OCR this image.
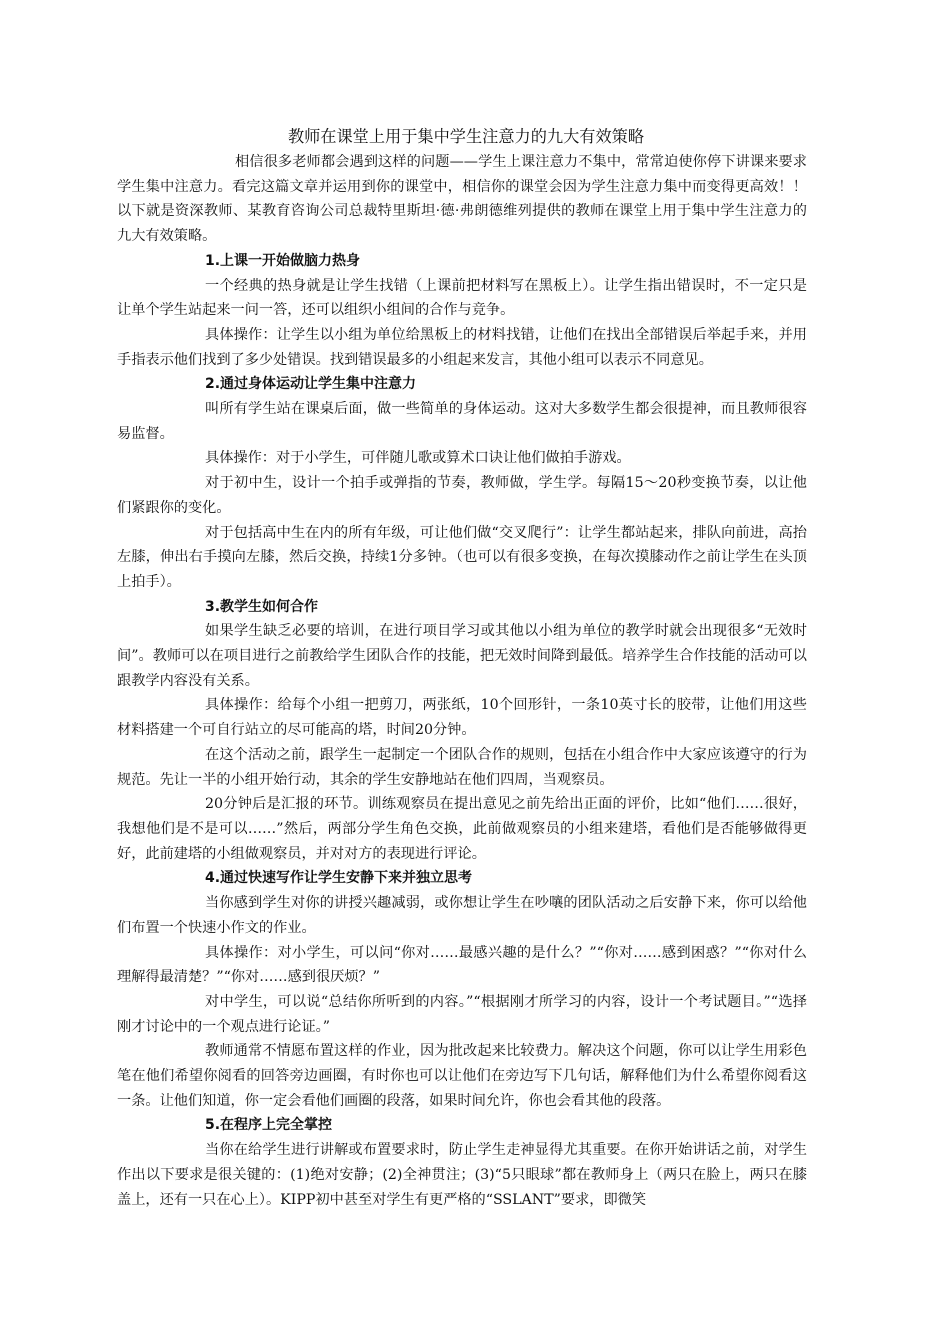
教师在课堂上用于集中学生注意力的九大有效策略

相信很多老师都会遇到这样的问题——学生上课注意力不集中，常常迫使你停下讲课来要求学生集中注意力。看完这篇文章并运用到你的课堂中，相信你的课堂会因为学生注意力集中而变得更高效！！以下就是资深教师、某教育咨询公司总裁特里斯坦·德·弗朗德维列提供的教师在课堂上用于集中学生注意力的九大有效策略。

1.上课一开始做脑力热身

一个经典的热身就是让学生找错（上课前把材料写在黑板上）。让学生指出错误时，不一定只是让单个学生站起来一问一答，还可以组织小组间的合作与竞争。

具体操作：让学生以小组为单位给黑板上的材料找错，让他们在找出全部错误后举起手来，并用手指表示他们找到了多少处错误。找到错误最多的小组起来发言，其他小组可以表示不同意见。

2.通过身体运动让学生集中注意力

叫所有学生站在课桌后面，做一些简单的身体运动。这对大多数学生都会很提神，而且教师很容易监督。

具体操作：对于小学生，可伴随儿歌或算术口诀让他们做拍手游戏。

对于初中生，设计一个拍手或弹指的节奏，教师做，学生学。每隔15～20秒变换节奏，以让他们紧跟你的变化。

对于包括高中生在内的所有年级，可让他们做“交叉爬行”：让学生都站起来，排队向前进，高抬左膝，伸出右手摸向左膝，然后交换，持续1分多钟。（也可以有很多变换，在每次摸膝动作之前让学生在头顶上拍手）。

3.教学生如何合作

如果学生缺乏必要的培训，在进行项目学习或其他以小组为单位的教学时就会出现很多“无效时间”。教师可以在项目进行之前教给学生团队合作的技能，把无效时间降到最低。培养学生合作技能的活动可以跟教学内容没有关系。

具体操作：给每个小组一把剪刀，两张纸，10个回形针，一条10英寸长的胶带，让他们用这些材料搭建一个可自行站立的尽可能高的塔，时间20分钟。

在这个活动之前，跟学生一起制定一个团队合作的规则，包括在小组合作中大家应该遵守的行为规范。先让一半的小组开始行动，其余的学生安静地站在他们四周，当观察员。

20分钟后是汇报的环节。训练观察员在提出意见之前先给出正面的评价，比如“他们……很好，我想他们是不是可以……”然后，两部分学生角色交换，此前做观察员的小组来建塔，看他们是否能够做得更好，此前建塔的小组做观察员，并对对方的表现进行评论。

4.通过快速写作让学生安静下来并独立思考

当你感到学生对你的讲授兴趣减弱，或你想让学生在吵嚷的团队活动之后安静下来，你可以给他们布置一个快速小作文的作业。

具体操作：对小学生，可以问“你对……最感兴趣的是什么？”“你对……感到困惑？”“你对什么理解得最清楚？”“你对……感到很厌烦？”

对中学生，可以说“总结你所听到的内容。”“根据刚才所学习的内容，设计一个考试题目。”“选择刚才讨论中的一个观点进行论证。”

教师通常不情愿布置这样的作业，因为批改起来比较费力。解决这个问题，你可以让学生用彩色笔在他们希望你阅看的回答旁边画圈，有时你也可以让他们在旁边写下几句话，解释他们为什么希望你阅看这一条。让他们知道，你一定会看他们画圈的段落，如果时间允许，你也会看其他的段落。

5.在程序上完全掌控

当你在给学生进行讲解或布置要求时，防止学生走神显得尤其重要。在你开始讲话之前，对学生作出以下要求是很关键的：(1)绝对安静；(2)全神贯注；(3)“5只眼球”都在教师身上（两只在脸上，两只在膝盖上，还有一只在心上）。KIPP初中甚至对学生有更严格的“SSLANT”要求，即微笑
